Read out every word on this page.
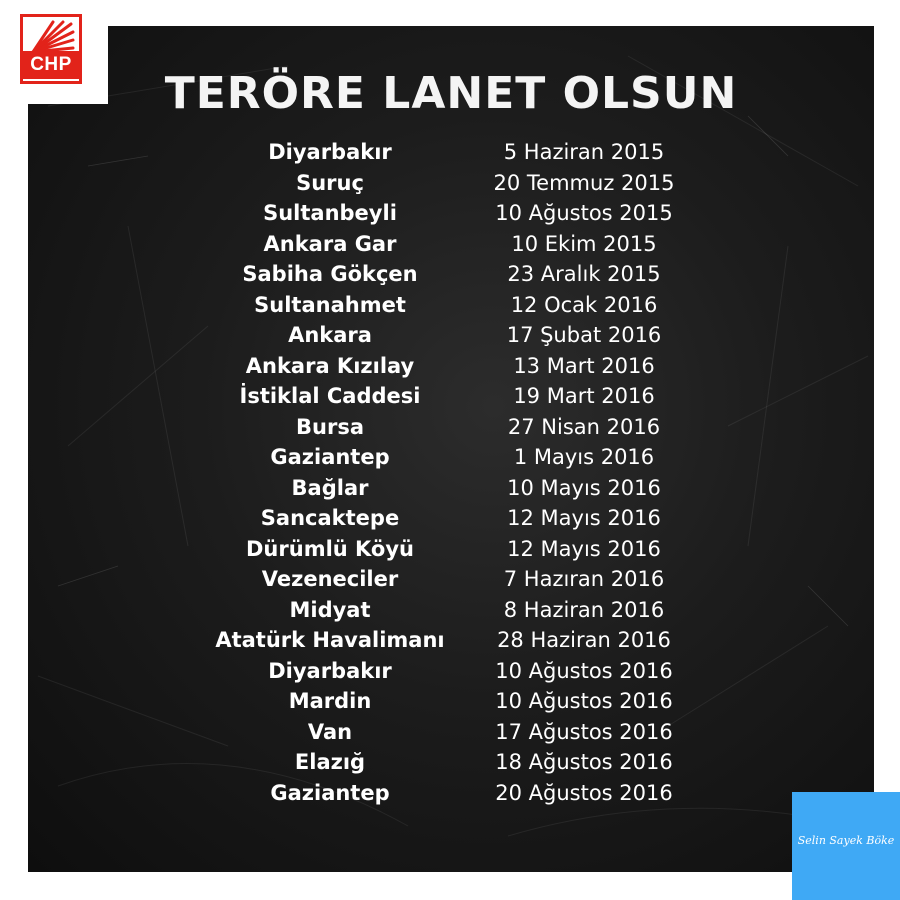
CHP
TERÖRE LANET OLSUN
Diyarbakır	5 Haziran 2015
Suruç	20 Temmuz 2015
Sultanbeyli	10 Ağustos 2015
Ankara Gar	10 Ekim 2015
Sabiha Gökçen	23 Aralık 2015
Sultanahmet	12 Ocak 2016
Ankara	17 Şubat 2016
Ankara Kızılay	13 Mart 2016
İstiklal Caddesi	19 Mart 2016
Bursa	27 Nisan 2016
Gaziantep	1 Mayıs 2016
Bağlar	10 Mayıs 2016
Sancaktepe	12 Mayıs 2016
Dürümlü Köyü	12 Mayıs 2016
Vezeneciler	7 Hazıran 2016
Midyat	8 Haziran 2016
Atatürk Havalimanı	28 Haziran 2016
Diyarbakır	10 Ağustos 2016
Mardin	10 Ağustos 2016
Van	17 Ağustos 2016
Elazığ	18 Ağustos 2016
Gaziantep	20 Ağustos 2016
Selin Sayek Böke
